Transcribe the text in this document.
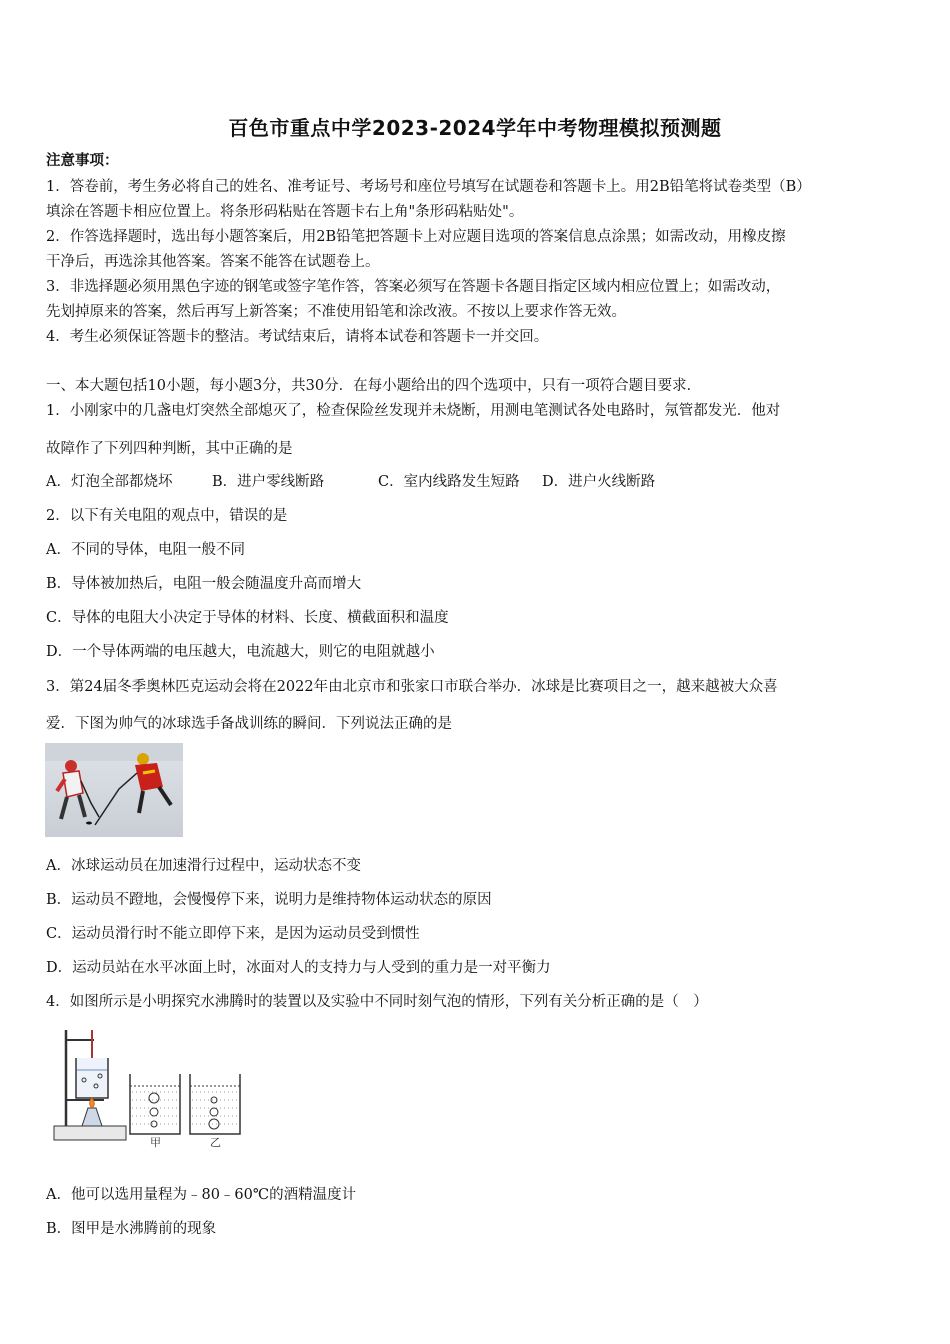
百色市重点中学2023-2024学年中考物理模拟预测题
注意事项：
1．答卷前，考生务必将自己的姓名、准考证号、考场号和座位号填写在试题卷和答题卡上。用2B铅笔将试卷类型（B）
填涂在答题卡相应位置上。将条形码粘贴在答题卡右上角"条形码粘贴处"。
2．作答选择题时，选出每小题答案后，用2B铅笔把答题卡上对应题目选项的答案信息点涂黑；如需改动，用橡皮擦
干净后，再选涂其他答案。答案不能答在试题卷上。
3．非选择题必须用黑色字迹的钢笔或签字笔作答，答案必须写在答题卡各题目指定区域内相应位置上；如需改动，
先划掉原来的答案，然后再写上新答案；不准使用铅笔和涂改液。不按以上要求作答无效。
4．考生必须保证答题卡的整洁。考试结束后，请将本试卷和答题卡一并交回。
一、本大题包括10小题，每小题3分，共30分．在每小题给出的四个选项中，只有一项符合题目要求．
1．小刚家中的几盏电灯突然全部熄灭了，检查保险丝发现并未烧断，用测电笔测试各处电路时，氖管都发光．他对
故障作了下列四种判断，其中正确的是
A．灯泡全部都烧坏	B．进户零线断路	C．室内线路发生短路 D．进户火线断路
2．以下有关电阻的观点中，错误的是
A．不同的导体，电阻一般不同
B．导体被加热后，电阻一般会随温度升高而增大
C．导体的电阻大小决定于导体的材料、长度、横截面积和温度
D．一个导体两端的电压越大，电流越大，则它的电阻就越小
3．第24届冬季奥林匹克运动会将在2022年由北京市和张家口市联合举办．冰球是比赛项目之一，越来越被大众喜
爱．下图为帅气的冰球选手备战训练的瞬间．下列说法正确的是
A．冰球运动员在加速滑行过程中，运动状态不变
B．运动员不蹬地，会慢慢停下来，说明力是维持物体运动状态的原因
C．运动员滑行时不能立即停下来，是因为运动员受到惯性
D．运动员站在水平冰面上时，冰面对人的支持力与人受到的重力是一对平衡力
4．如图所示是小明探究水沸腾时的装置以及实验中不同时刻气泡的情形，下列有关分析正确的是（　）
甲	乙
A．他可以选用量程为﹣80﹣60℃的酒精温度计
B．图甲是水沸腾前的现象
